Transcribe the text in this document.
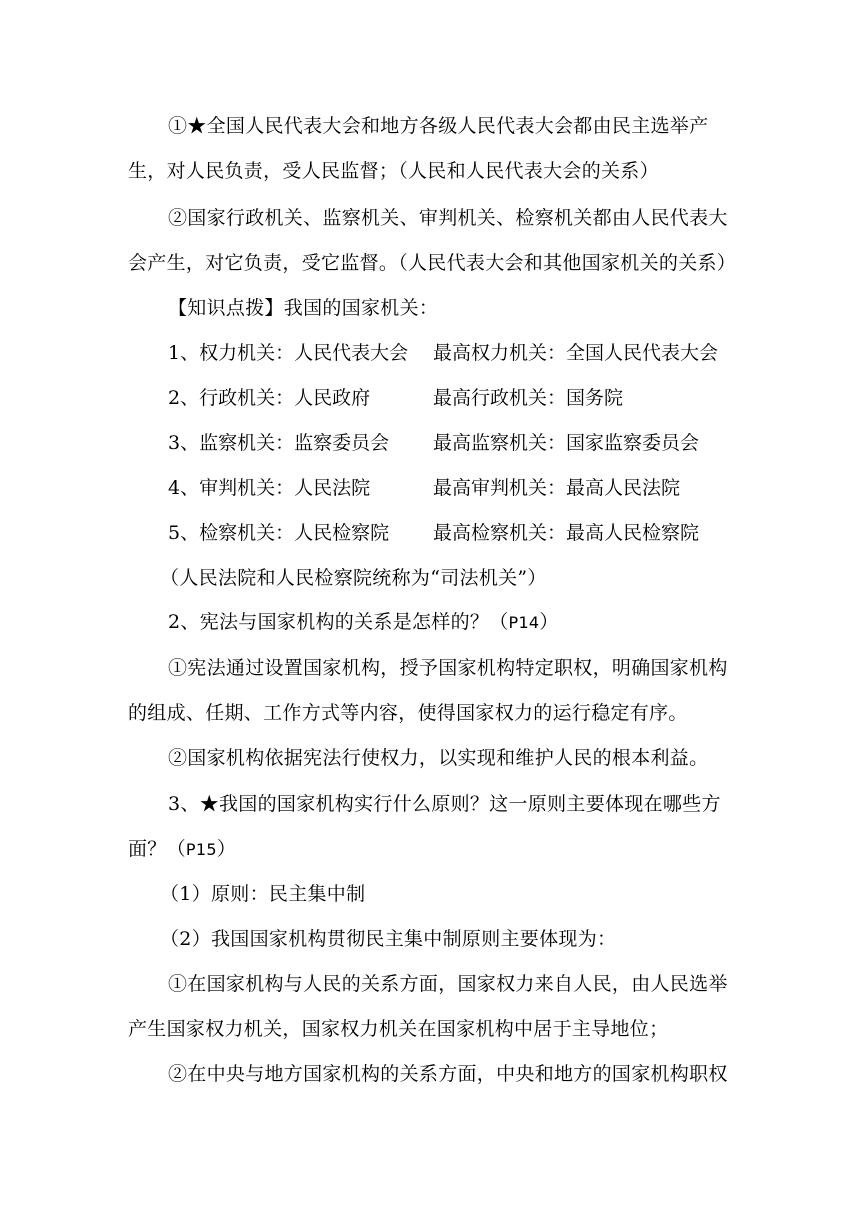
①★全国人民代表大会和地方各级人民代表大会都由民主选举产
生，对人民负责，受人民监督；（人民和人民代表大会的关系）
②国家行政机关、监察机关、审判机关、检察机关都由人民代表大
会产生，对它负责，受它监督。（人民代表大会和其他国家机关的关系）
【知识点拨】我国的国家机关：
1、权力机关：人民代表大会 最高权力机关：全国人民代表大会
2、行政机关：人民政府	最高行政机关：国务院
3、监察机关：监察委员会 最高监察机关：国家监察委员会
4、审判机关：人民法院	最高审判机关：最高人民法院
5、检察机关：人民检察院 最高检察机关：最高人民检察院
（人民法院和人民检察院统称为“司法机关”）
2、宪法与国家机构的关系是怎样的？（P14）
①宪法通过设置国家机构，授予国家机构特定职权，明确国家机构
的组成、任期、工作方式等内容，使得国家权力的运行稳定有序。
②国家机构依据宪法行使权力，以实现和维护人民的根本利益。
3、★我国的国家机构实行什么原则？这一原则主要体现在哪些方
面？（P15）
（1）原则：民主集中制
（2）我国国家机构贯彻民主集中制原则主要体现为：
①在国家机构与人民的关系方面，国家权力来自人民，由人民选举
产生国家权力机关，国家权力机关在国家机构中居于主导地位；
②在中央与地方国家机构的关系方面，中央和地方的国家机构职权
